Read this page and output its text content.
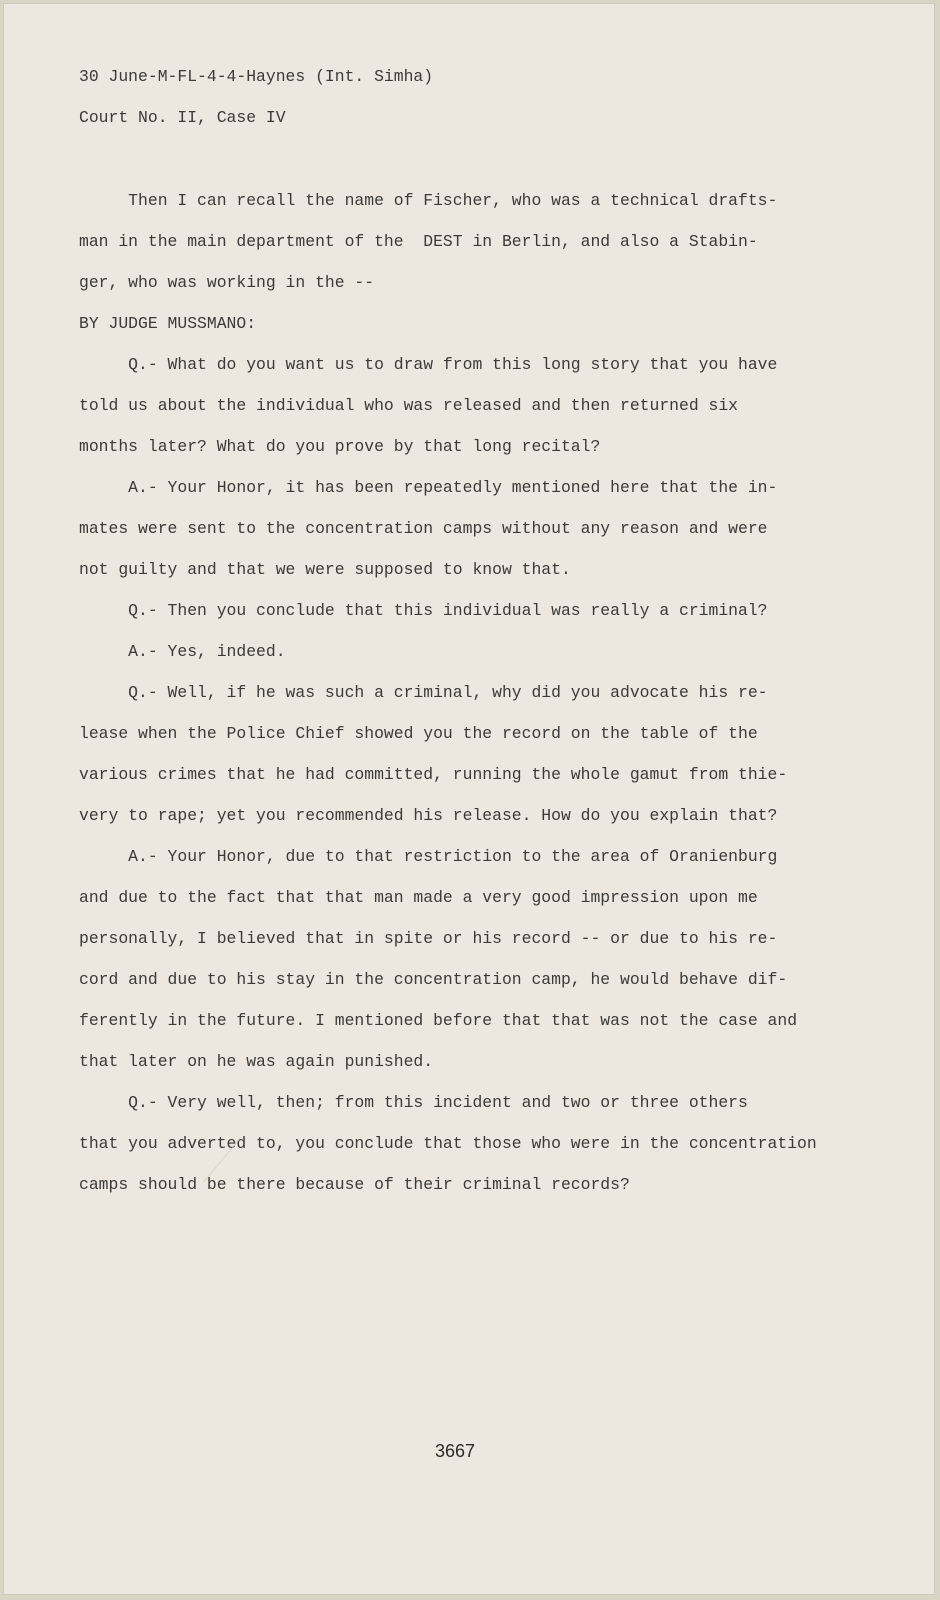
30 June-M-FL-4-4-Haynes (Int. Simha)

Court No. II, Case IV

Then I can recall the name of Fischer, who was a technical drafts-

man in the main department of the  DEST in Berlin, and also a Stabin-

ger, who was working in the --

BY JUDGE MUSSMANO:

Q.- What do you want us to draw from this long story that you have

told us about the individual who was released and then returned six

months later? What do you prove by that long recital?

A.- Your Honor, it has been repeatedly mentioned here that the in-

mates were sent to the concentration camps without any reason and were

not guilty and that we were supposed to know that.

Q.- Then you conclude that this individual was really a criminal?

A.- Yes, indeed.

Q.- Well, if he was such a criminal, why did you advocate his re-

lease when the Police Chief showed you the record on the table of the

various crimes that he had committed, running the whole gamut from thie-

very to rape; yet you recommended his release. How do you explain that?

A.- Your Honor, due to that restriction to the area of Oranienburg

and due to the fact that that man made a very good impression upon me

personally, I believed that in spite or his record -- or due to his re-

cord and due to his stay in the concentration camp, he would behave dif-

ferently in the future. I mentioned before that that was not the case and

that later on he was again punished.

Q.- Very well, then; from this incident and two or three others

that you adverted to, you conclude that those who were in the concentration

camps should be there because of their criminal records?

3667
